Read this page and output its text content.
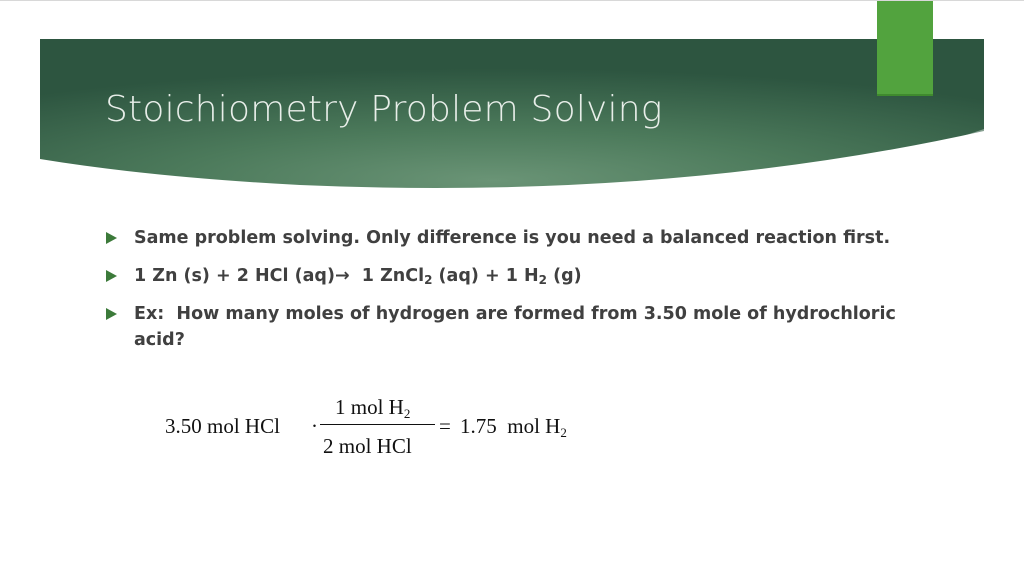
Stoichiometry Problem Solving
Same problem solving. Only difference is you need a balanced reaction first.
1 Zn (s) + 2 HCl (aq)→  1 ZnCl$_2$ (aq) + 1 $H_2$ (g)
Ex:  How many moles of hydrogen are formed from 3.50 mole of hydrochloric acid?
3.50 mol HCl ·
1 mol H2
2 mol HCl
= 1.75  mol H2
